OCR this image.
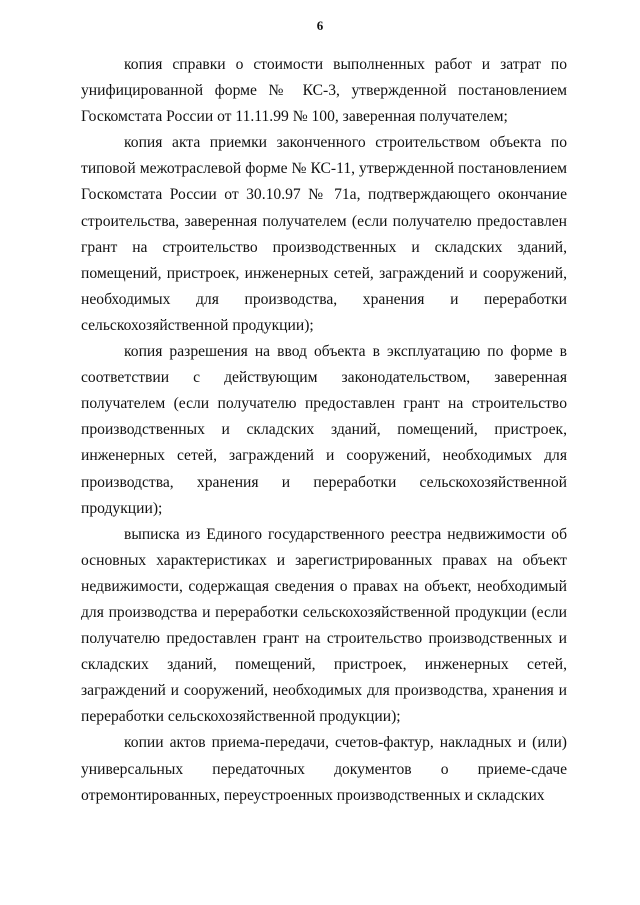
6

копия справки о стоимости выполненных работ и затрат по унифицированной форме № КС-3, утвержденной постановлением Госкомстата России от 11.11.99 № 100, заверенная получателем;

копия акта приемки законченного строительством объекта по типовой межотраслевой форме № КС-11, утвержденной постановлением Госкомстата России от 30.10.97 № 71а, подтверждающего окончание строительства, заверенная получателем (если получателю предоставлен грант на строительство производственных и складских зданий, помещений, пристроек, инженерных сетей, заграждений и сооружений, необходимых для производства, хранения и переработки сельскохозяйственной продукции);

копия разрешения на ввод объекта в эксплуатацию по форме в соответствии с действующим законодательством, заверенная получателем (если получателю предоставлен грант на строительство производственных и складских зданий, помещений, пристроек, инженерных сетей, заграждений и сооружений, необходимых для производства, хранения и переработки сельскохозяйственной продукции);

выписка из Единого государственного реестра недвижимости об основных характеристиках и зарегистрированных правах на объект недвижимости, содержащая сведения о правах на объект, необходимый для производства и переработки сельскохозяйственной продукции (если получателю предоставлен грант на строительство производственных и складских зданий, помещений, пристроек, инженерных сетей, заграждений и сооружений, необходимых для производства, хранения и переработки сельскохозяйственной продукции);

копии актов приема-передачи, счетов-фактур, накладных и (или) универсальных передаточных документов о приеме-сдаче отремонтированных, переустроенных производственных и складских
